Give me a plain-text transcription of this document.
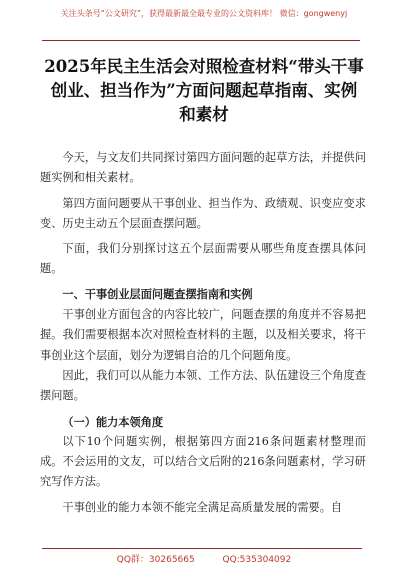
关注头条号“公文研究”，获得最新最全最专业的公文资料库！ 微信：gongwenyj
2025年民主生活会对照检查材料“带头干事创业、担当作为”方面问题起草指南、实例和素材

今天，与文友们共同探讨第四方面问题的起草方法，并提供问题实例和相关素材。

第四方面问题要从干事创业、担当作为、政绩观、识变应变求变、历史主动五个层面查摆问题。

下面，我们分别探讨这五个层面需要从哪些角度查摆具体问题。

一、干事创业层面问题查摆指南和实例

干事创业方面包含的内容比较广，问题查摆的角度并不容易把握。我们需要根据本次对照检查材料的主题，以及相关要求，将干事创业这个层面，划分为逻辑自洽的几个问题角度。

因此，我们可以从能力本领、工作方法、队伍建设三个角度查摆问题。

（一）能力本领角度

以下10个问题实例，根据第四方面216条问题素材整理而成。不会运用的文友，可以结合文后附的216条问题素材，学习研究写作方法。

干事创业的能力本领不能完全满足高质量发展的需要。自

QQ群：30265665	QQ:535304092
